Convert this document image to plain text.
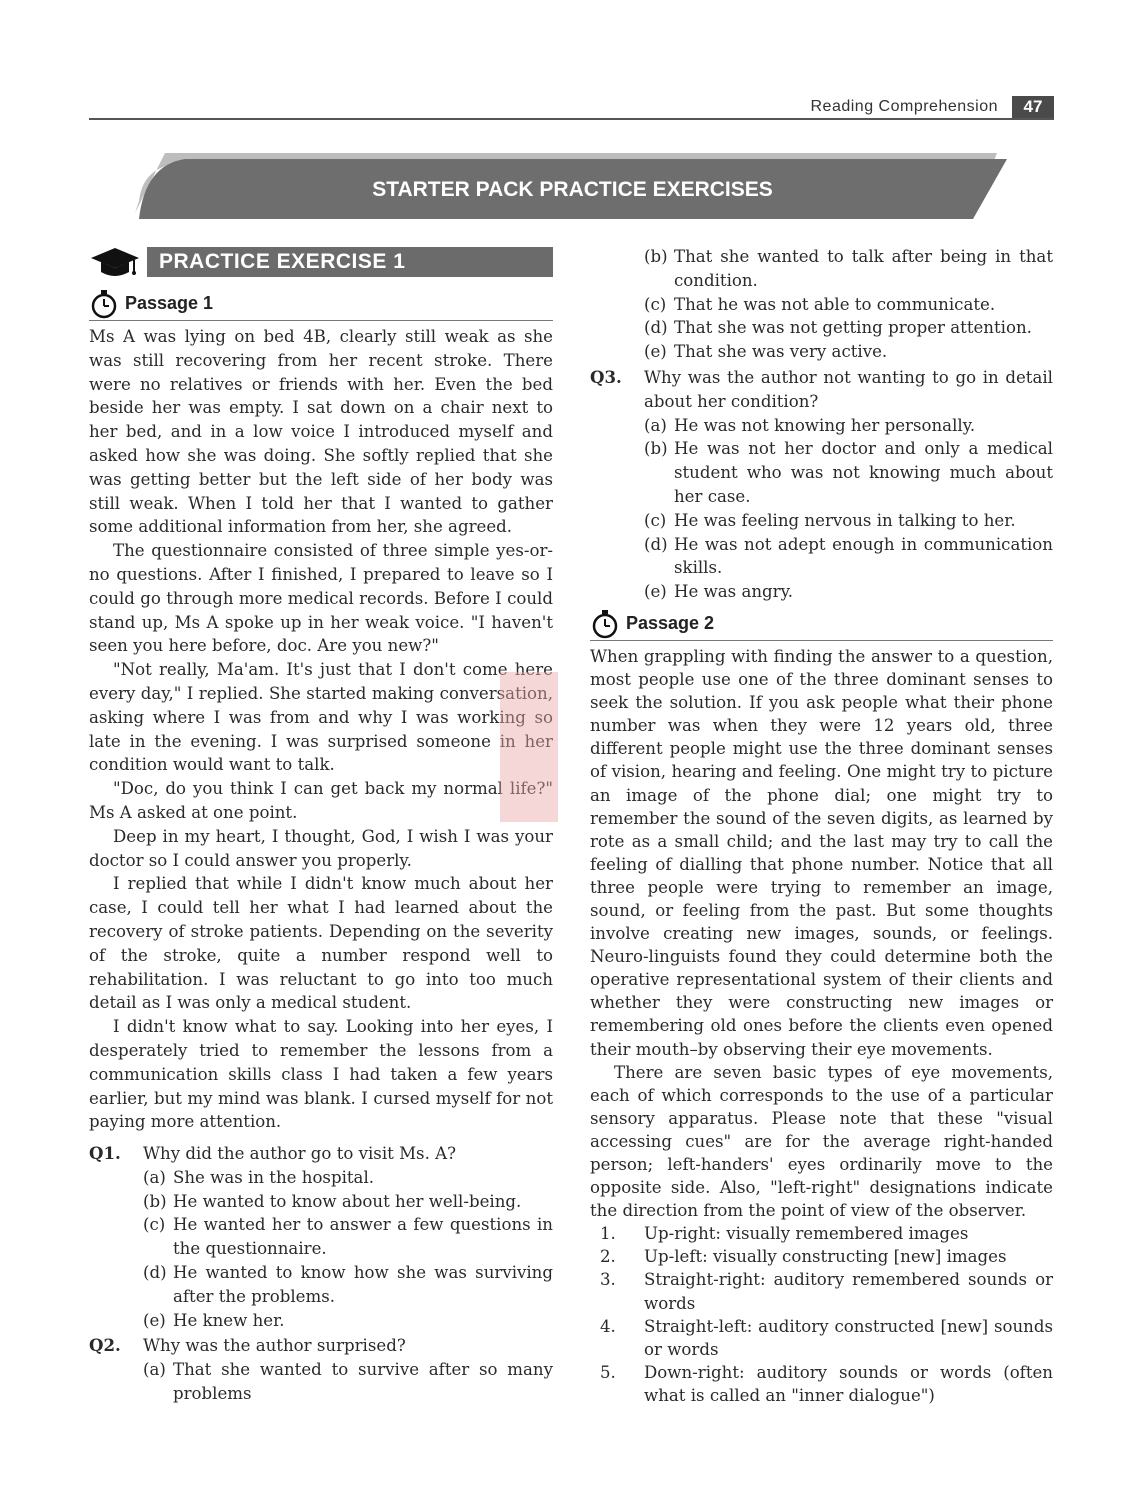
Reading Comprehension	47
STARTER PACK PRACTICE EXERCISES
PRACTICE EXERCISE 1
Passage 1

Ms A was lying on bed 4B, clearly still weak as she was still recovering from her recent stroke. There were no relatives or friends with her. Even the bed beside her was empty. I sat down on a chair next to her bed, and in a low voice I introduced myself and asked how she was doing. She softly replied that she was getting better but the left side of her body was still weak. When I told her that I wanted to gather some additional information from her, she agreed.

The questionnaire consisted of three simple yes-or-no questions. After I finished, I prepared to leave so I could go through more medical records. Before I could stand up, Ms A spoke up in her weak voice. "I haven't seen you here before, doc. Are you new?"

"Not really, Ma'am. It's just that I don't come here every day," I replied. She started making conversation, asking where I was from and why I was working so late in the evening. I was surprised someone in her condition would want to talk.

"Doc, do you think I can get back my normal life?" Ms A asked at one point.

Deep in my heart, I thought, God, I wish I was your doctor so I could answer you properly.

I replied that while I didn't know much about her case, I could tell her what I had learned about the recovery of stroke patients. Depending on the severity of the stroke, quite a number respond well to rehabilitation. I was reluctant to go into too much detail as I was only a medical student.

I didn't know what to say. Looking into her eyes, I desperately tried to remember the lessons from a communication skills class I had taken a few years earlier, but my mind was blank. I cursed myself for not paying more attention.

Q1.	Why did the author go to visit Ms. A?
(a) She was in the hospital.
(b) He wanted to know about her well-being.
(c) He wanted her to answer a few questions in the questionnaire.
(d) He wanted to know how she was surviving after the problems.
(e) He knew her.
Q2.	Why was the author surprised?
(a) That she wanted to survive after so many problems
(b) That she wanted to talk after being in that condition.
(c) That he was not able to communicate.
(d) That she was not getting proper attention.
(e) That she was very active.
Q3.	Why was the author not wanting to go in detail about her condition?
(a) He was not knowing her personally.
(b) He was not her doctor and only a medical student who was not knowing much about her case.
(c) He was feeling nervous in talking to her.
(d) He was not adept enough in communication skills.
(e) He was angry.
Passage 2

When grappling with finding the answer to a question, most people use one of the three dominant senses to seek the solution. If you ask people what their phone number was when they were 12 years old, three different people might use the three dominant senses of vision, hearing and feeling. One might try to picture an image of the phone dial; one might try to remember the sound of the seven digits, as learned by rote as a small child; and the last may try to call the feeling of dialling that phone number. Notice that all three people were trying to remember an image, sound, or feeling from the past. But some thoughts involve creating new images, sounds, or feelings. Neuro-linguists found they could determine both the operative representational system of their clients and whether they were constructing new images or remembering old ones before the clients even opened their mouth–by observing their eye movements.

There are seven basic types of eye movements, each of which corresponds to the use of a particular sensory apparatus. Please note that these "visual accessing cues" are for the average right-handed person; left-handers' eyes ordinarily move to the opposite side. Also, "left-right" designations indicate the direction from the point of view of the observer.

1.	Up-right: visually remembered images
2.	Up-left: visually constructing [new] images
3.	Straight-right: auditory remembered sounds or words
4.	Straight-left: auditory constructed [new] sounds or words
5.	Down-right: auditory sounds or words (often what is called an "inner dialogue")
